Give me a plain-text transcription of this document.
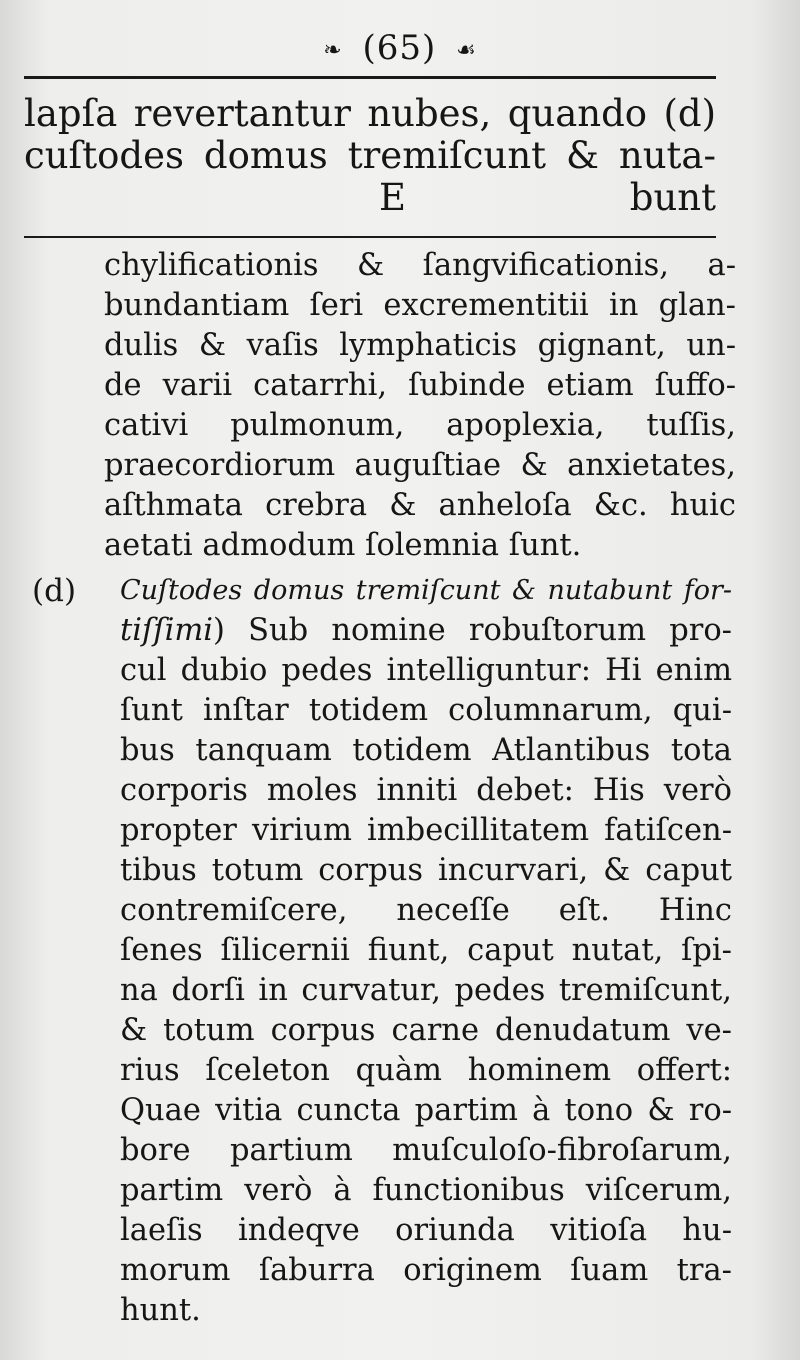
❧ (65) ☙
lapſa revertantur nubes, quando (d)
cuſtodes domus tremiſcunt & nuta-
E	bunt
chylificationis & ſangvificationis, a-
bundantiam ſeri excrementitii in glan-
dulis & vaſis lymphaticis gignant, un-
de varii catarrhi, ſubinde etiam ſuffo-
cativi pulmonum, apoplexia, tuſſis,
praecordiorum auguſtiae & anxietates,
aſthmata crebra & anheloſa &c. huic
aetati admodum ſolemnia ſunt.
(d) Cuſtodes domus tremiſcunt & nutabunt for-
tiſſimi) Sub nomine robuſtorum pro-
cul dubio pedes intelliguntur: Hi enim
ſunt inſtar totidem columnarum, qui-
bus tanquam totidem Atlantibus tota
corporis moles inniti debet: His verò
propter virium imbecillitatem fatiſcen-
tibus totum corpus incurvari, & caput
contremiſcere, neceſſe eſt. Hinc
ſenes ſilicernii fiunt, caput nutat, ſpi-
na dorſi in curvatur, pedes tremiſcunt,
& totum corpus carne denudatum ve-
rius ſceleton quàm hominem offert:
Quae vitia cuncta partim à tono & ro-
bore partium muſculoſo-fibroſarum,
partim verò à functionibus viſcerum,
laeſis indeqve oriunda vitioſa hu-
morum ſaburra originem ſuam tra-
hunt.
